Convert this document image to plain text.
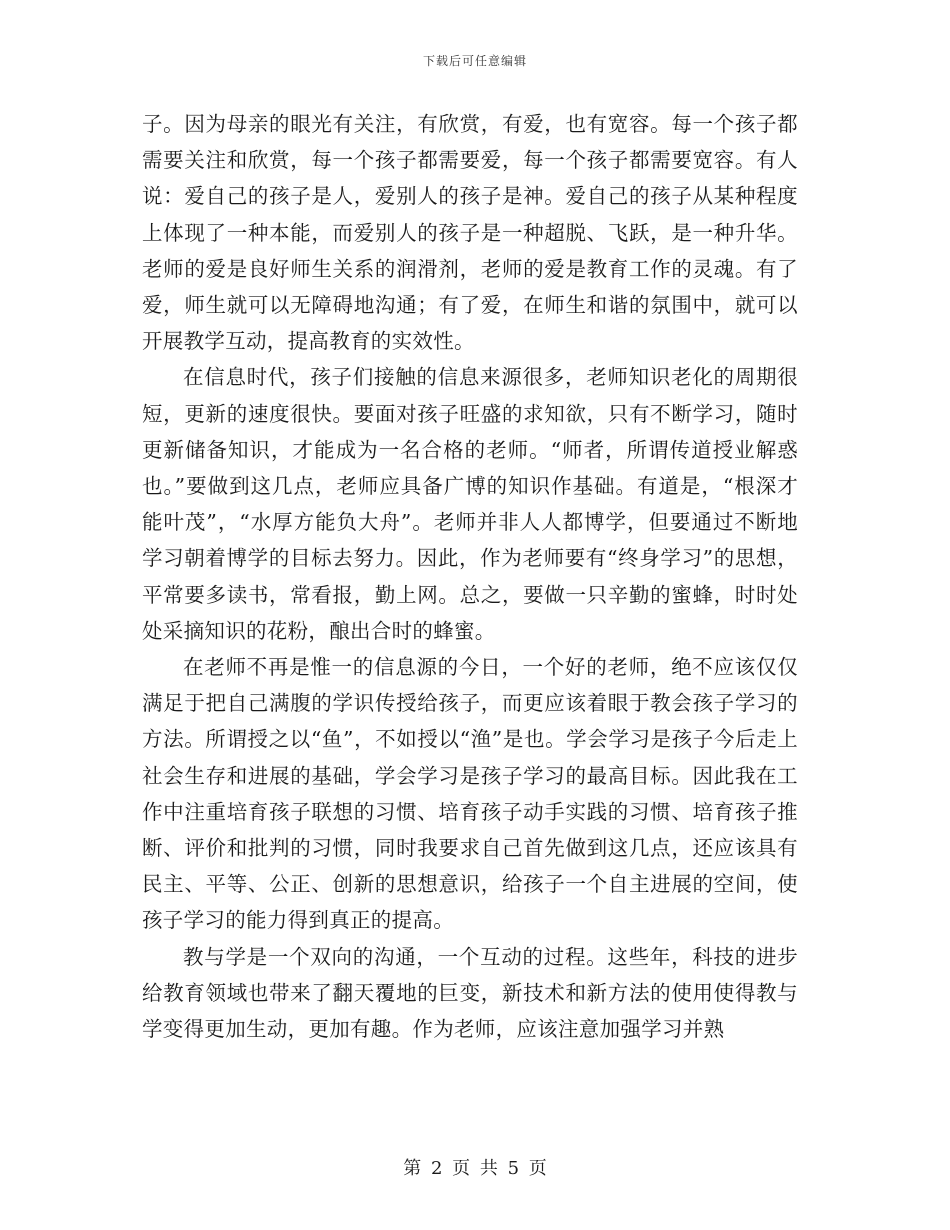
下载后可任意编辑

子。因为母亲的眼光有关注，有欣赏，有爱，也有宽容。每一个孩子都需要关注和欣赏，每一个孩子都需要爱，每一个孩子都需要宽容。有人说：爱自己的孩子是人，爱别人的孩子是神。爱自己的孩子从某种程度上体现了一种本能，而爱别人的孩子是一种超脱、飞跃，是一种升华。老师的爱是良好师生关系的润滑剂，老师的爱是教育工作的灵魂。有了爱，师生就可以无障碍地沟通；有了爱，在师生和谐的氛围中，就可以开展教学互动，提高教育的实效性。

在信息时代，孩子们接触的信息来源很多，老师知识老化的周期很短，更新的速度很快。要面对孩子旺盛的求知欲，只有不断学习，随时更新储备知识，才能成为一名合格的老师。“师者，所谓传道授业解惑也。”要做到这几点，老师应具备广博的知识作基础。有道是，“根深才能叶茂”，“水厚方能负大舟”。老师并非人人都博学，但要通过不断地学习朝着博学的目标去努力。因此，作为老师要有“终身学习”的思想，平常要多读书，常看报，勤上网。总之，要做一只辛勤的蜜蜂，时时处处采摘知识的花粉，酿出合时的蜂蜜。

在老师不再是惟一的信息源的今日，一个好的老师，绝不应该仅仅满足于把自己满腹的学识传授给孩子，而更应该着眼于教会孩子学习的方法。所谓授之以“鱼”，不如授以“渔”是也。学会学习是孩子今后走上社会生存和进展的基础，学会学习是孩子学习的最高目标。因此我在工作中注重培育孩子联想的习惯、培育孩子动手实践的习惯、培育孩子推断、评价和批判的习惯，同时我要求自己首先做到这几点，还应该具有民主、平等、公正、创新的思想意识，给孩子一个自主进展的空间，使孩子学习的能力得到真正的提高。

教与学是一个双向的沟通，一个互动的过程。这些年，科技的进步给教育领域也带来了翻天覆地的巨变，新技术和新方法的使用使得教与学变得更加生动，更加有趣。作为老师，应该注意加强学习并熟

第 2 页 共 5 页
